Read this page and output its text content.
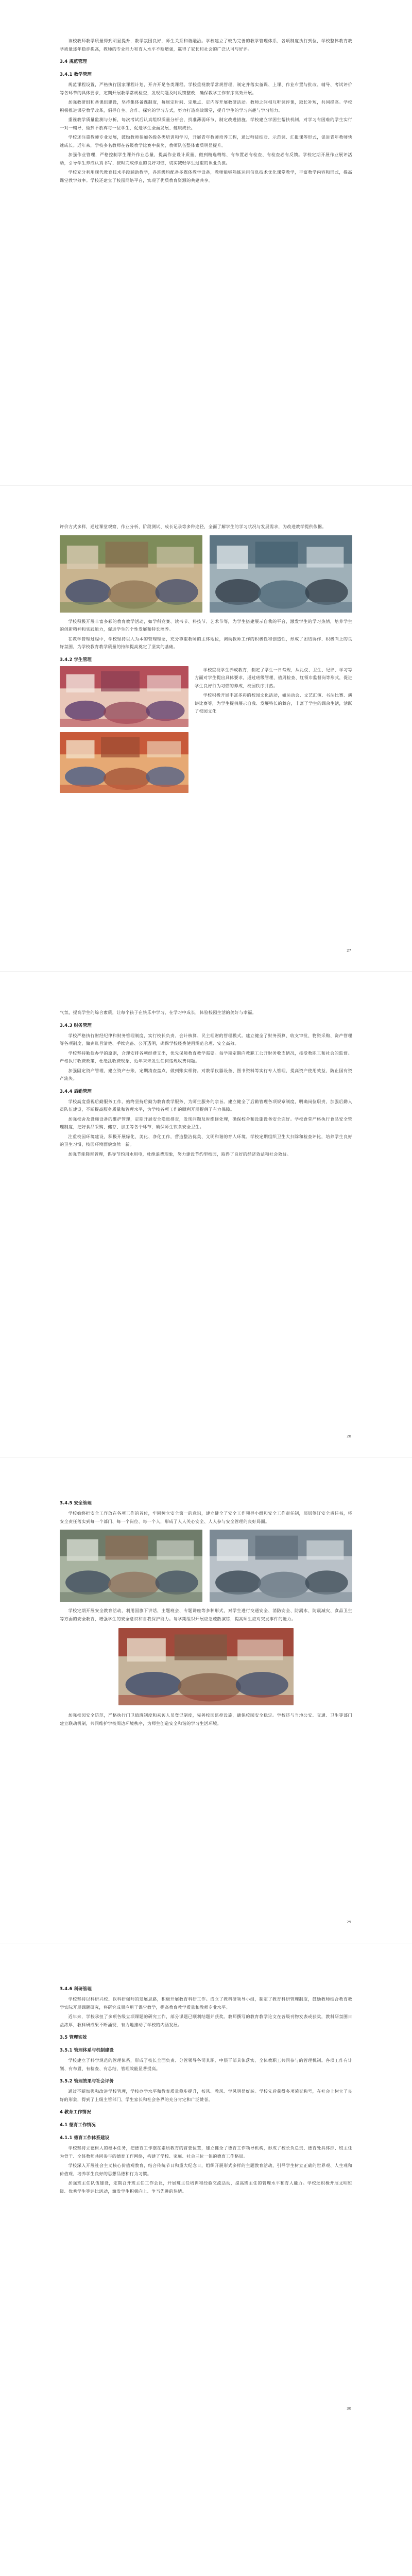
该校教师教学质量得到明显提升，教学氛围良好，师生关系和谐融洽。学校建立了较为完善的教学管理体系，各项制度执行到位，学校整体教育教学质量逐年稳步提高，教师的专业能力和育人水平不断增强，赢得了家长和社会的广泛认可与好评。

3.4 规范管理
3.4.1 教学管理

规范课程设置，严格执行国家课程计划，开齐开足各类课程。学校重视教学常规管理，制定并落实备课、上课、作业布置与批改、辅导、考试评价等各环节的具体要求，定期开展教学常规检查，发现问题及时反馈整改，确保教学工作有序高效开展。

加强教研组和备课组建设，坚持集体备课制度，每周定时间、定地点、定内容开展教研活动。教师之间相互听课评课，取长补短，共同提高。学校积极推进课堂教学改革，倡导自主、合作、探究的学习方式，努力打造高效课堂，提升学生的学习兴趣与学习能力。

重视教学质量监测与分析，每次考试后认真组织质量分析会，找准薄弱环节，制定改进措施。学校建立学困生帮扶机制，对学习有困难的学生实行一对一辅导，做到不放弃每一位学生，促进学生全面发展、健康成长。

学校还注重教师专业发展，鼓励教师参加各级各类培训和学习，开展青年教师培养工程，通过师徒结对、示范课、汇报课等形式，促进青年教师快速成长。近年来，学校多名教师在各级教学比赛中获奖，教师队伍整体素质明显提升。

加强作业管理，严格控制学生课外作业总量，提高作业设计质量，做到精选精练、有布置必有检查、有检查必有反馈。学校定期开展作业展评活动，引导学生养成认真书写、按时完成作业的良好习惯，切实减轻学生过重的课业负担。

学校充分利用现代教育技术手段辅助教学，各班级均配备多媒体教学设备，教师能够熟练运用信息技术优化课堂教学，丰富教学内容和形式，提高课堂教学效率。学校还建立了校园网络平台，实现了优质教育资源的共建共享。

评价方式多样，通过课堂观察、作业分析、阶段测试、成长记录等多种途径，全面了解学生的学习状况与发展需求，为改进教学提供依据。

学校积极开展丰富多彩的教育教学活动，如学科竞赛、读书节、科技节、艺术节等，为学生搭建展示自我的平台，激发学生的学习热情，培养学生的创新精神和实践能力，促进学生的个性发展和特长培养。

在教学管理过程中，学校坚持以人为本的管理理念，充分尊重教师的主体地位，调动教师工作的积极性和创造性，形成了团结协作、积极向上的良好氛围，为学校教育教学质量的持续提高奠定了坚实的基础。

3.4.2 学生管理

学校重视学生养成教育，制定了学生一日常规，从礼仪、卫生、纪律、学习等方面对学生提出具体要求，通过班级管理、值周检查、红领巾监督岗等形式，促进学生良好行为习惯的养成，校园秩序井然。

学校积极开展丰富多彩的校园文化活动，如运动会、文艺汇演、书法比赛、演讲比赛等，为学生提供展示自我、发展特长的舞台，丰富了学生的课余生活，活跃了校园文化

27

气氛，提高学生的综合素质，让每个孩子在快乐中学习，在学习中成长，体验校园生活的美好与幸福。

3.4.3 财务管理

学校严格执行财经纪律和财务管理制度，实行校长负责、会计核算、民主理财的管理模式。建立健全了财务预算、收支审批、物资采购、资产管理等各项制度，做到账目清楚、手续完备、公开透明，确保学校经费使用规范合理、安全高效。

学校坚持勤俭办学的原则，合理安排各项经费支出，优先保障教育教学需要。每学期定期向教职工公开财务收支情况，接受教职工和社会的监督。严格执行收费政策，杜绝乱收费现象，近年来未发生任何违规收费问题。

加强固定资产管理，建立资产台账，定期清查盘点，做到账实相符。对教学仪器设备、图书资料等实行专人管理，提高资产使用效益，防止国有资产流失。

3.4.4 后勤管理

学校高度重视后勤服务工作，始终坚持后勤为教育教学服务、为师生服务的宗旨。建立健全了后勤管理各项规章制度，明确岗位职责，加强后勤人员队伍建设，不断提高服务质量和管理水平，为学校各项工作的顺利开展提供了有力保障。

加强校舍及设施设备的维护管理，定期开展安全隐患排查，发现问题及时维修处理，确保校舍和设施设备安全完好。学校食堂严格执行食品安全管理制度，把好食品采购、储存、加工等各个环节，确保师生饮食安全卫生。

注重校园环境建设，积极开展绿化、美化、净化工作，营造整洁优美、文明和谐的育人环境。学校定期组织卫生大扫除和检查评比，培养学生良好的卫生习惯，校园环境面貌焕然一新。

加强节能降耗管理，倡导节约用水用电，杜绝浪费现象，努力建设节约型校园，取得了良好的经济效益和社会效益。

28
3.4.5 安全管理

学校始终把安全工作放在各项工作的首位，牢固树立安全第一的意识，建立健全了安全工作领导小组和安全工作责任制，层层签订安全责任书，将安全责任落实到每一个部门、每一个岗位、每一个人，形成了人人关心安全、人人参与安全管理的良好局面。

学校定期开展安全教育活动，利用国旗下讲话、主题班会、专题讲座等多种形式，对学生进行交通安全、消防安全、防溺水、防震减灾、食品卫生等方面的安全教育，增强学生的安全意识和自我保护能力。每学期组织开展应急疏散演练，提高师生应对突发事件的能力。

加强校园安全防范，严格执行门卫值班制度和来访人员登记制度，完善校园监控设施，确保校园安全稳定。学校还与当地公安、交通、卫生等部门建立联动机制，共同维护学校周边环境秩序，为师生创造安全和谐的学习生活环境。

29
3.4.6 科研管理

学校坚持以科研兴校、以科研强师的发展思路，积极开展教育科研工作。成立了教科研领导小组，制定了教育科研管理制度，鼓励教师结合教育教学实际开展课题研究，将研究成果应用于课堂教学，提高教育教学质量和教师专业水平。

近年来，学校承担了多项各级立项课题的研究工作，部分课题已顺利结题并获奖。教师撰写的教育教学论文在各级刊物发表或获奖，教科研氛围日益浓厚，教科研成果不断涌现，有力地推动了学校的内涵发展。

3.5 管理实效
3.5.1 管理体系与机制建设

学校建立了科学规范的管理体系，形成了校长全面负责、分管领导各司其职、中层干部具体落实、全体教职工共同参与的管理机制。各项工作有计划、有布置、有检查、有总结，管理效能显著提高。

3.5.2 管理效果与社会评价

通过不断加强和改进学校管理，学校办学水平和教育质量稳步提升，校风、教风、学风明显好转。学校先后获得多项荣誉称号，在社会上树立了良好的形象，得到了上级主管部门、学生家长和社会各界的充分肯定和广泛赞誉。

4 教育工作情况
4.1 德育工作情况
4.1.1 德育工作体系建设

学校坚持立德树人的根本任务，把德育工作摆在素质教育的首要位置，建立健全了德育工作领导机构，形成了校长负总责、德育处具体抓、班主任为骨干、全体教师共同参与的德育工作网络，构建了学校、家庭、社会三位一体的德育工作格局。

学校深入开展社会主义核心价值观教育，结合传统节日和重大纪念日，组织开展形式多样的主题教育活动，引导学生树立正确的世界观、人生观和价值观，培养学生良好的思想品德和行为习惯。

加强班主任队伍建设，定期召开班主任工作会议，开展班主任培训和经验交流活动，提高班主任的管理水平和育人能力。学校还积极开展文明班级、优秀学生等评比活动，激发学生积极向上、争当先进的热情。

30
